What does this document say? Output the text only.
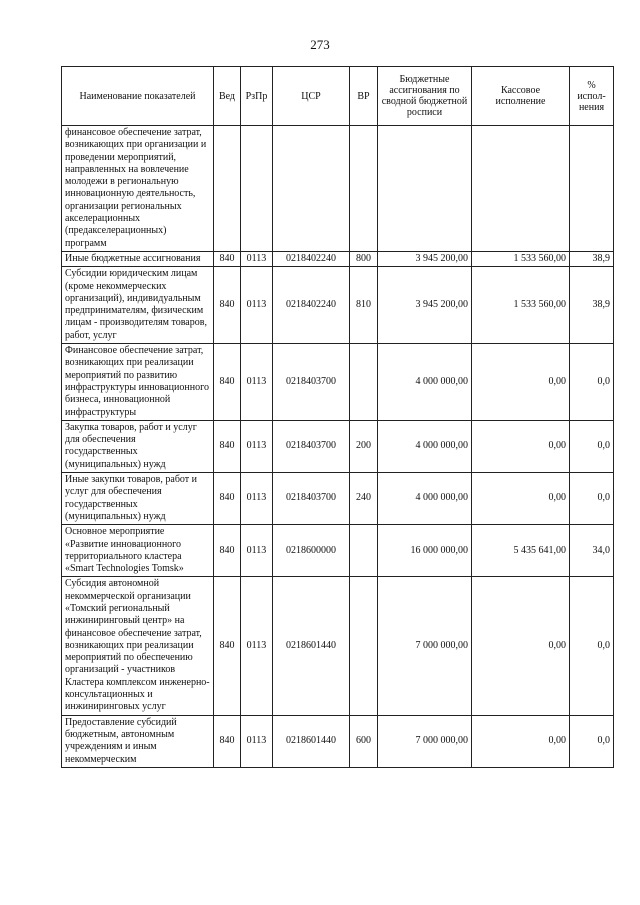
273
Наименование показателей	Вед	РзПр	ЦСР	ВР	Бюджетные ассигнования по сводной бюджетной росписи	Кассовое исполнение	% испол-нения
финансовое обеспечение затрат, возникающих при организации и проведении мероприятий, направленных на вовлечение молодежи в региональную инновационную деятельность, организации региональных акселерационных (предакселерационных) программ							
Иные бюджетные ассигнования	840	0113	0218402240	800	3 945 200,00	1 533 560,00	38,9
Субсидии юридическим лицам (кроме некоммерческих организаций), индивидуальным предпринимателям, физическим лицам - производителям товаров, работ, услуг	840	0113	0218402240	810	3 945 200,00	1 533 560,00	38,9
Финансовое обеспечение затрат, возникающих при реализации мероприятий по развитию инфраструктуры инновационного бизнеса, инновационной инфраструктуры	840	0113	0218403700		4 000 000,00	0,00	0,0
Закупка товаров, работ и услуг для обеспечения государственных (муниципальных) нужд	840	0113	0218403700	200	4 000 000,00	0,00	0,0
Иные закупки товаров, работ и услуг для обеспечения государственных (муниципальных) нужд	840	0113	0218403700	240	4 000 000,00	0,00	0,0
Основное мероприятие «Развитие инновационного территориального кластера «Smart Technologies Tomsk»	840	0113	0218600000		16 000 000,00	5 435 641,00	34,0
Субсидия автономной некоммерческой организации «Томский региональный инжиниринговый центр» на финансовое обеспечение затрат, возникающих при реализации мероприятий по обеспечению организаций - участников Кластера комплексом инженерно-консультационных и инжиниринговых услуг	840	0113	0218601440		7 000 000,00	0,00	0,0
Предоставление субсидий бюджетным, автономным учреждениям и иным некоммерческим	840	0113	0218601440	600	7 000 000,00	0,00	0,0
